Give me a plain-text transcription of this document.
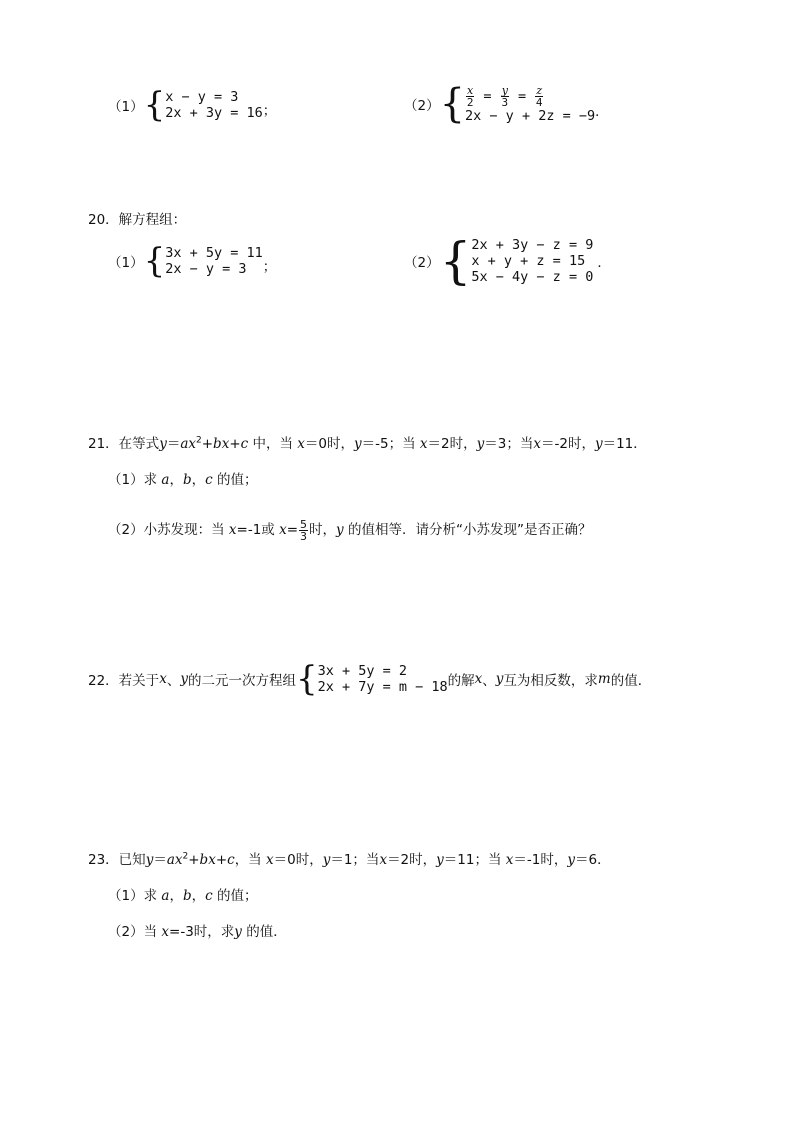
（1） { x − y = 3
2x + 3y = 16 ；	（2） { $\frac{x}{2} = \frac{y}{3} = \frac{z}{4}$
2x − y + 2z = −9 ．
20．解方程组：
（1） { 3x + 5y = 11
2x − y = 3	；	（2） { 2x + 3y − z = 9
x + y + z = 15
5x − 4y − z = 0
．
21．在等式$y=ax^2+bx+c$ 中，当 x＝0时，y＝-5；当 x＝2时，y＝3；当x＝-2时，y＝11．
（1）求 a，b，c 的值；
（2）小苏发现：当 x=-1或 $x= \frac{5}{3}$ 时，y 的值相等．请分析“小苏发现”是否正确？
22．若关于 x 、 y 的二元一次方程组 { 3x + 5y = 2
2x + 7y = m − 18 的解 x 、 y 互为相反数，求 m 的值．
23．已知$y=ax^2+bx+c$，当 x＝0时，y＝1；当x＝2时，y＝11；当 x＝-1时，y＝6．
（1）求 a，b，c 的值；
（2）当 x=-3时，求y 的值．
